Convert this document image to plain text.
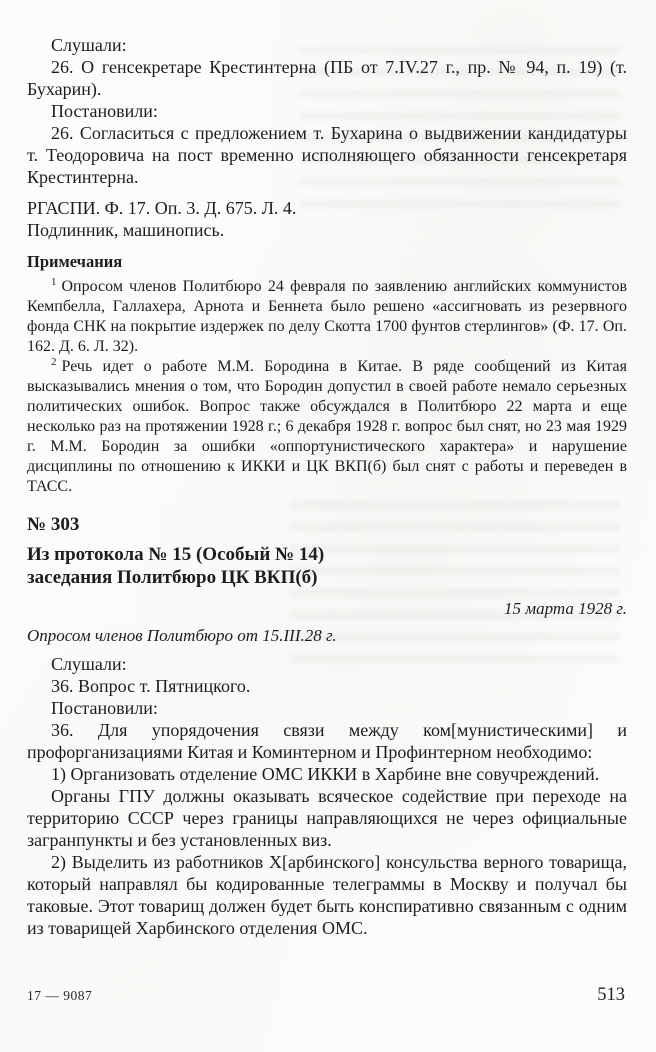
Слушали:

26. О генсекретаре Крестинтерна (ПБ от 7.IV.27 г., пр. № 94, п. 19) (т. Бухарин).

Постановили:

26. Согласиться с предложением т. Бухарина о выдвижении кандидатуры т. Теодоровича на пост временно исполняющего обязанности генсекретаря Крестинтерна.

РГАСПИ. Ф. 17. Оп. 3. Д. 675. Л. 4.

Подлинник, машинопись.

Примечания

$^1$ Опросом членов Политбюро 24 февраля по заявлению английских коммунистов Кемпбелла, Галлахера, Арнота и Беннета было решено «ассигновать из резервного фонда СНК на покрытие издержек по делу Скотта 1700 фунтов стерлингов» (Ф. 17. Оп. 162. Д. 6. Л. 32).

$^2$ Речь идет о работе М.М. Бородина в Китае. В ряде сообщений из Китая высказывались мнения о том, что Бородин допустил в своей работе немало серьезных политических ошибок. Вопрос также обсуждался в Политбюро 22 марта и еще несколько раз на протяжении 1928 г.; 6 декабря 1928 г. вопрос был снят, но 23 мая 1929 г. М.М. Бородин за ошибки «оппортунистического характера» и нарушение дисциплины по отношению к ИККИ и ЦК ВКП(б) был снят с работы и переведен в ТАСС.

№ 303

Из протокола № 15 (Особый № 14)
заседания Политбюро ЦК ВКП(б)

15 марта 1928 г.

Опросом членов Политбюро от 15.III.28 г.

Слушали:

36. Вопрос т. Пятницкого.

Постановили:

36. Для упорядочения связи между ком[мунистическими] и профорганизациями Китая и Коминтерном и Профинтерном необходимо:

1) Организовать отделение ОМС ИККИ в Харбине вне совучреждений.

Органы ГПУ должны оказывать всяческое содействие при переходе на территорию СССР через границы направляющихся не через официальные загранпункты и без установленных виз.

2) Выделить из работников Х[арбинского] консульства верного товарища, который направлял бы кодированные телеграммы в Москву и получал бы таковые. Этот товарищ должен будет быть конспиративно связанным с одним из товарищей Харбинского отделения ОМС.

17 — 9087	513
